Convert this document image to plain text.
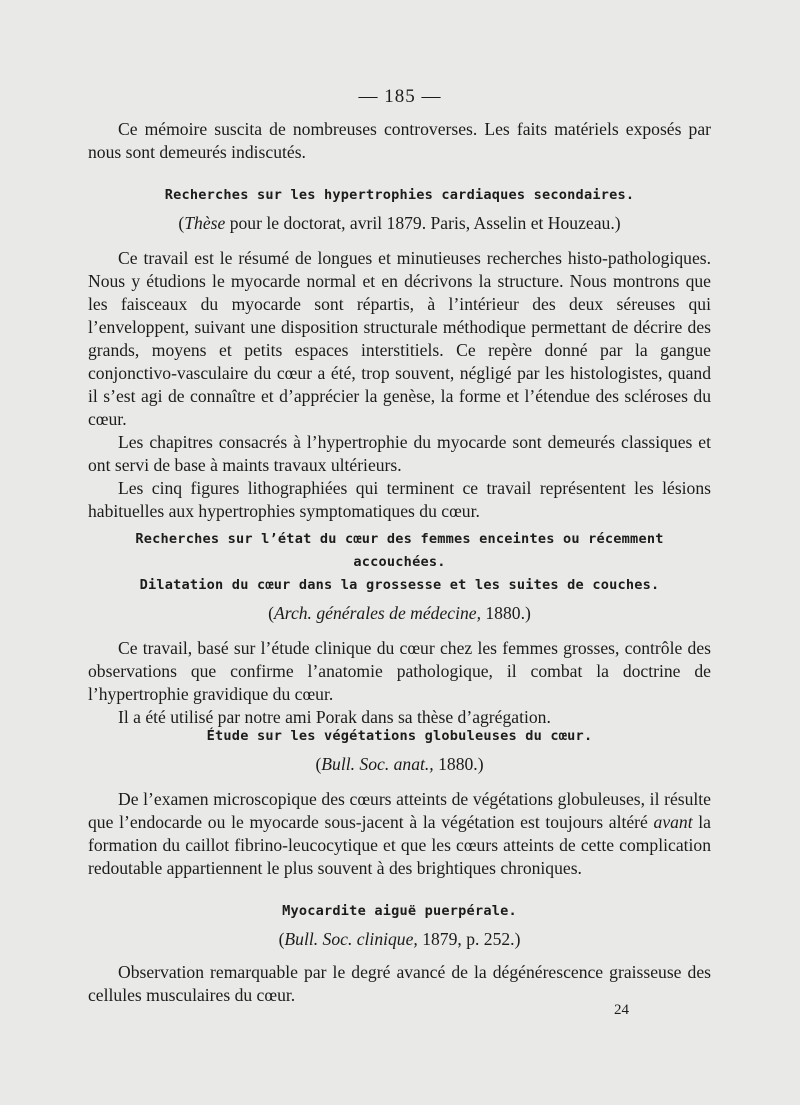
— 185 —

Ce mémoire suscita de nombreuses controverses. Les faits matériels exposés par nous sont demeurés indiscutés.

Recherches sur les hypertrophies cardiaques secondaires.

(Thèse pour le doctorat, avril 1879. Paris, Asselin et Houzeau.)

Ce travail est le résumé de longues et minutieuses recherches histo-pathologiques. Nous y étudions le myocarde normal et en décrivons la structure. Nous montrons que les faisceaux du myocarde sont répartis, à l’intérieur des deux séreuses qui l’enveloppent, suivant une disposition structurale méthodique permettant de décrire des grands, moyens et petits espaces interstitiels. Ce repère donné par la gangue conjonctivo-vasculaire du cœur a été, trop souvent, négligé par les histologistes, quand il s’est agi de connaître et d’apprécier la genèse, la forme et l’étendue des scléroses du cœur.

Les chapitres consacrés à l’hypertrophie du myocarde sont demeurés classiques et ont servi de base à maints travaux ultérieurs.

Les cinq figures lithographiées qui terminent ce travail représentent les lésions habituelles aux hypertrophies symptomatiques du cœur.

Recherches sur l’état du cœur des femmes enceintes ou récemment accouchées.

Dilatation du cœur dans la grossesse et les suites de couches.

(Arch. générales de médecine, 1880.)

Ce travail, basé sur l’étude clinique du cœur chez les femmes grosses, contrôle des observations que confirme l’anatomie pathologique, il combat la doctrine de l’hypertrophie gravidique du cœur.

Il a été utilisé par notre ami Porak dans sa thèse d’agrégation.

Étude sur les végétations globuleuses du cœur.

(Bull. Soc. anat., 1880.)

De l’examen microscopique des cœurs atteints de végétations globuleuses, il résulte que l’endocarde ou le myocarde sous-jacent à la végétation est toujours altéré avant la formation du caillot fibrino-leucocytique et que les cœurs atteints de cette complication redoutable appartiennent le plus souvent à des brightiques chroniques.

Myocardite aiguë puerpérale.

(Bull. Soc. clinique, 1879, p. 252.)

Observation remarquable par le degré avancé de la dégénérescence graisseuse des cellules musculaires du cœur.

24
